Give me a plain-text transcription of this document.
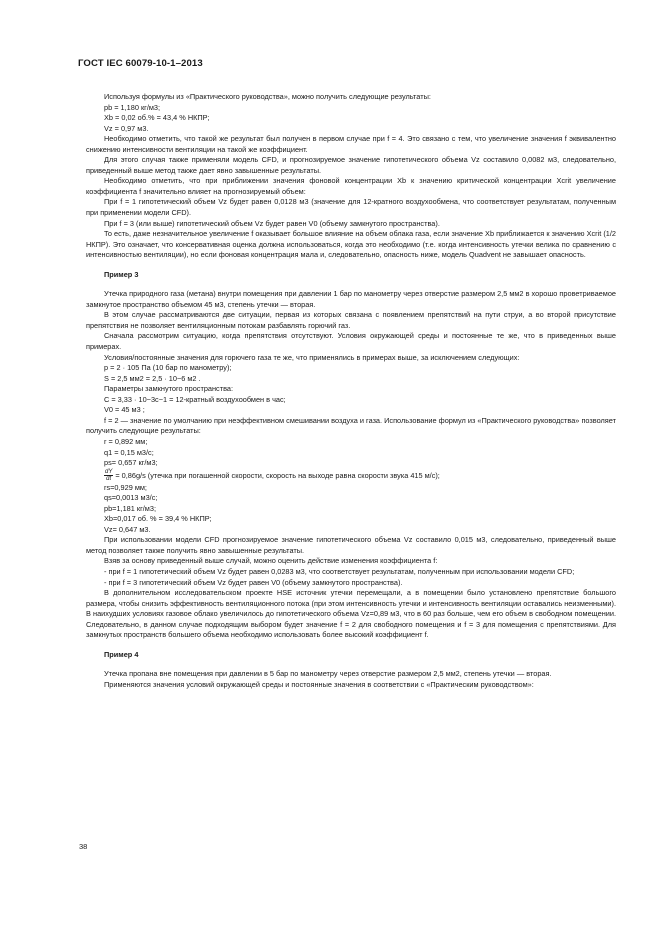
ГОСТ IEC 60079-10-1–2013

Используя формулы из «Практического руководства», можно получить следующие результаты:

pb = 1,180 кг/м3;

Xb = 0,02 об.% = 43,4 % НКПР;

Vz = 0,97 м3.

Необходимо отметить, что такой же результат был получен в первом случае при f = 4. Это связано с тем, что увеличение значения f эквивалентно снижению интенсивности вентиляции на такой же коэффициент.

Для этого случая также применяли модель CFD, и прогнозируемое значение гипотетического объема Vz составило 0,0082 м3, следовательно, приведенный выше метод также дает явно завышенные результаты.

Необходимо отметить, что при приближении значения фоновой концентрации Xb к значению критической концентрации Xcrit увеличение коэффициента f значительно влияет на прогнозируемый объем:

При f = 1 гипотетический объем Vz будет равен 0,0128 м3 (значение для 12-кратного воздухообмена, что соответствует результатам, полученным при применении модели CFD).

При f = 3 (или выше) гипотетический объем Vz будет равен V0 (объему замкнутого пространства).

То есть, даже незначительное увеличение f оказывает большое влияние на объем облака газа, если значение Xb приближается к значению Xcrit (1/2 НКПР). Это означает, что консервативная оценка должна использоваться, когда это необходимо (т.е. когда интенсивность утечки велика по сравнению с интенсивностью вентиляции), но если фоновая концентрация мала и, следовательно, опасность ниже, модель Quadvent не завышает опасность.

Пример 3

Утечка природного газа (метана) внутри помещения при давлении 1 бар по манометру через отверстие размером 2,5 мм2 в хорошо проветриваемое замкнутое пространство объемом 45 м3, степень утечки — вторая.

В этом случае рассматриваются две ситуации, первая из которых связана с появлением препятствий на пути струи, а во второй присутствие препятствия не позволяет вентиляционным потокам разбавлять горючий газ.

Сначала рассмотрим ситуацию, когда препятствия отсутствуют. Условия окружающей среды и постоянные те же, что в приведенных выше примерах.

Условия/постоянные значения для горючего газа те же, что применялись в примерах выше, за исключением следующих:

p = 2 · 105 Па (10 бар по манометру);

S = 2,5 мм2 = 2,5 · 10−6 м2 .

Параметры замкнутого пространства:

C = 3,33 · 10−3с−1 = 12-кратный воздухообмен в час;

V0 = 45 м3 ;

f = 2 — значение по умолчанию при неэффективном смешивании воздуха и газа. Использование формул из «Практического руководства» позволяет получить следующие результаты:

r = 0,892 мм;

q1 = 0,15 м3/с;

ps= 0,657 кг/м3;

$\frac{dY}{dt} = 0,86g/s$ (утечка при погашенной скорости, скорость на выходе равна скорости звука 415 м/с);

rs=0,929 мм;

qs=0,0013 м3/с;

pb=1,181 кг/м3;

Xb=0,017 об. % = 39,4 % НКПР;

Vz= 0,647 м3.

При использовании модели CFD прогнозируемое значение гипотетического объема Vz составило 0,015 м3, следовательно, приведенный выше метод позволяет также получить явно завышенные результаты.

Взяв за основу приведенный выше случай, можно оценить действие изменения коэффициента f:

- при f = 1 гипотетический объем Vz будет равен 0,0283 м3, что соответствует результатам, полученным при использовании модели CFD;

- при f = 3 гипотетический объем Vz будет равен V0 (объему замкнутого пространства).

В дополнительном исследовательском проекте HSE источник утечки перемещали, а в помещении было установлено препятствие большого размера, чтобы снизить эффективность вентиляционного потока (при этом интенсивность утечки и интенсивность вентиляции оставались неизменными). В наихудших условиях газовое облако увеличилось до гипотетического объема Vz=0,89 м3, что в 60 раз больше, чем его объем в свободном помещении. Следовательно, в данном случае подходящим выбором будет значение f = 2 для свободного помещения и f = 3 для помещения с препятствиями. Для замкнутых пространств большего объема необходимо использовать более высокий коэффициент f.

Пример 4

Утечка пропана вне помещения при давлении в 5 бар по манометру через отверстие размером 2,5 мм2, степень утечки — вторая.

Применяются значения условий окружающей среды и постоянные значения в соответствии с «Практическим руководством»:

38
